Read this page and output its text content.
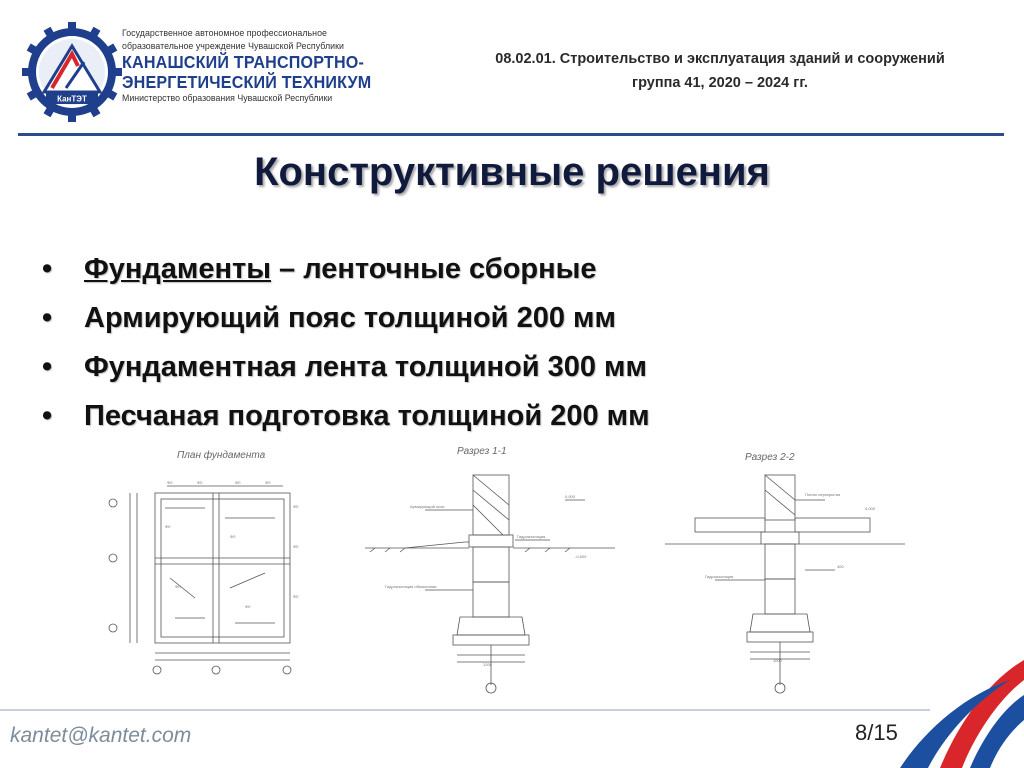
КанТЭТ
Государственное автономное профессиональное
образовательное учреждение Чувашской Республики
КАНАШСКИЙ ТРАНСПОРТНО-
ЭНЕРГЕТИЧЕСКИЙ ТЕХНИКУМ
Министерство образования Чувашской Республики
08.02.01. Строительство и эксплуатация зданий и сооружений
группа 41, 2020 – 2024 гг.
Конструктивные решения
• Фундаменты – ленточные сборные
• Армирующий пояс толщиной 200 мм
• Фундаментная лента толщиной 300 мм
• Песчаная подготовка толщиной 200 мм
План фундамента
ФЛ	ФЛ	ФЛ	ФЛ
ФЛ
ФЛ
ФЛ
ФЛ
ФЛ
ФЛ
ФЛ
Разрез 1-1
Армирующий пояс
Гидроизоляция
0,000
-0,600
Гидроизоляция обмазочная
1200
Разрез 2-2
Плиты перекрытия
0,000
Гидроизоляция
400
1000
kantet@kantet.com	8/15
